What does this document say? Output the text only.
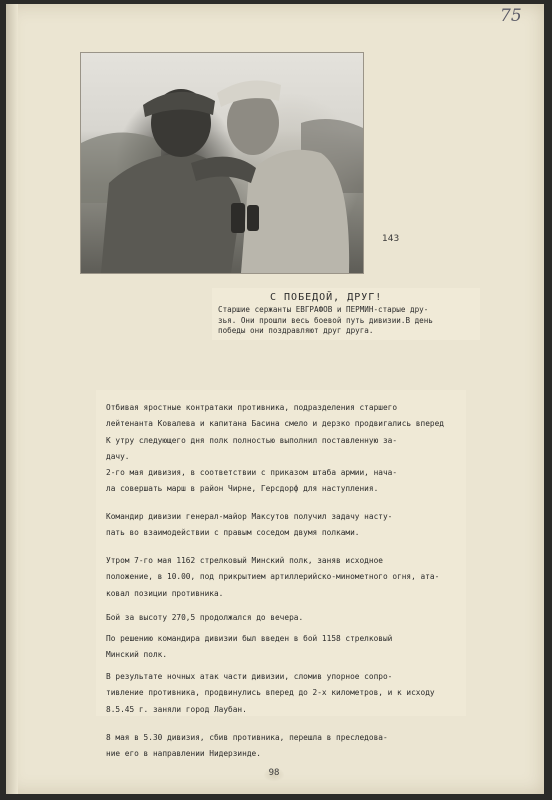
75
143
С ПОБЕДОЙ, ДРУГ!
Старшие сержанты ЕВГРАФОВ и ПЕРМИН-старые дру-
зья. Они прошли весь боевой путь дивизии.В день
победы они поздравляют друг друга.
Отбивая яростные контратаки противника, подразделения старшего
лейтенанта Ковалева и капитана Басина смело и дерзко продвигались вперед
К утру следующего дня полк полностью выполнил поставленную за-
дачу.
2-го мая дивизия, в соответствии с приказом штаба армии, нача-
ла совершать марш в район Чирне, Герсдорф для наступления.
Командир дивизии генерал-майор Максутов получил задачу насту-
пать во взаимодействии с правым соседом двумя полками.
Утром 7-го мая 1162 стрелковый Минский полк, заняв исходное
положение, в 10.00, под прикрытием артиллерийско-минометного огня, ата-
ковал позиции противника.
Бой за высоту 270,5 продолжался до вечера.
По решению командира дивизии был введен в бой 1158 стрелковый
Минский полк.
В результате ночных атак части дивизии, сломив упорное сопро-
тивление противника, продвинулись вперед до 2-х километров, и к исходу
8.5.45 г. заняли город Лаубан.
8 мая в 5.30 дивизия, сбив противника, перешла в преследова-
ние его в направлении Нидерзинде.
98
